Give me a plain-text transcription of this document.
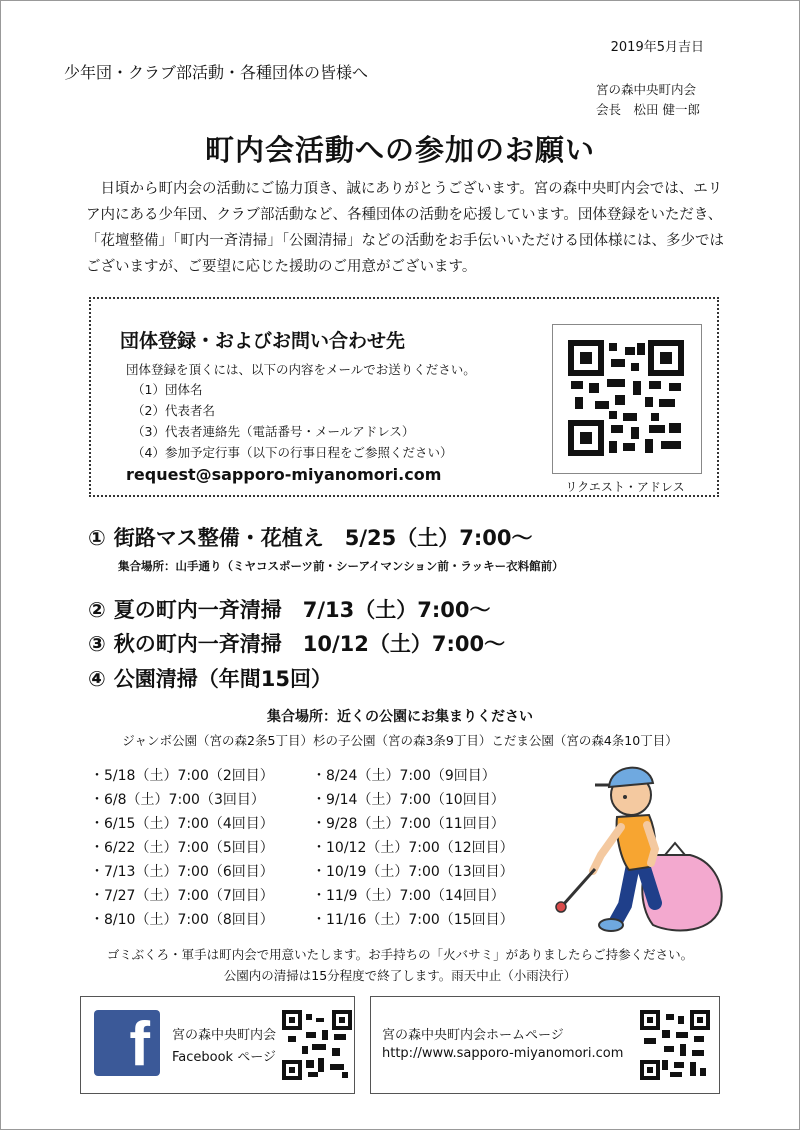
2019年5月吉日
少年団・クラブ部活動・各種団体の皆様へ
宮の森中央町内会
会長　松田 健一郎
町内会活動への参加のお願い
日頃から町内会の活動にご協力頂き、誠にありがとうございます。宮の森中央町内会では、エリア内にある少年団、クラブ部活動など、各種団体の活動を応援しています。団体登録をいただき、「花壇整備」「町内一斉清掃」「公園清掃」などの活動をお手伝いいただける団体様には、多少ではございますが、ご要望に応じた援助のご用意がございます。
団体登録・およびお問い合わせ先
団体登録を頂くには、以下の内容をメールでお送りください。
（1）団体名
（2）代表者名
（3）代表者連絡先（電話番号・メールアドレス）
（4）参加予定行事（以下の行事日程をご参照ください）
request@sapporo-miyanomori.com
リクエスト・アドレス
① 街路マス整備・花植え　5/25（土）7:00～
集合場所：山手通り（ミヤコスポーツ前・シーアイマンション前・ラッキー衣料館前）
② 夏の町内一斉清掃　7/13（土）7:00～
③ 秋の町内一斉清掃　10/12（土）7:00～
④ 公園清掃（年間15回）
集合場所：近くの公園にお集まりください
ジャンボ公園（宮の森2条5丁目）杉の子公園（宮の森3条9丁目）こだま公園（宮の森4条10丁目）
・5/18（土）7:00（2回目）
・6/8（土）7:00（3回目）
・6/15（土）7:00（4回目）
・6/22（土）7:00（5回目）
・7/13（土）7:00（6回目）
・7/27（土）7:00（7回目）
・8/10（土）7:00（8回目）
・8/24（土）7:00（9回目）
・9/14（土）7:00（10回目）
・9/28（土）7:00（11回目）
・10/12（土）7:00（12回目）
・10/19（土）7:00（13回目）
・11/9（土）7:00（14回目）
・11/16（土）7:00（15回目）
ゴミぶくろ・軍手は町内会で用意いたします。お手持ちの「火バサミ」がありましたらご持参ください。
公園内の清掃は15分程度で終了します。雨天中止（小雨決行）
f 宮の森中央町内会
Facebook ページ
宮の森中央町内会ホームページ
http://www.sapporo-miyanomori.com
